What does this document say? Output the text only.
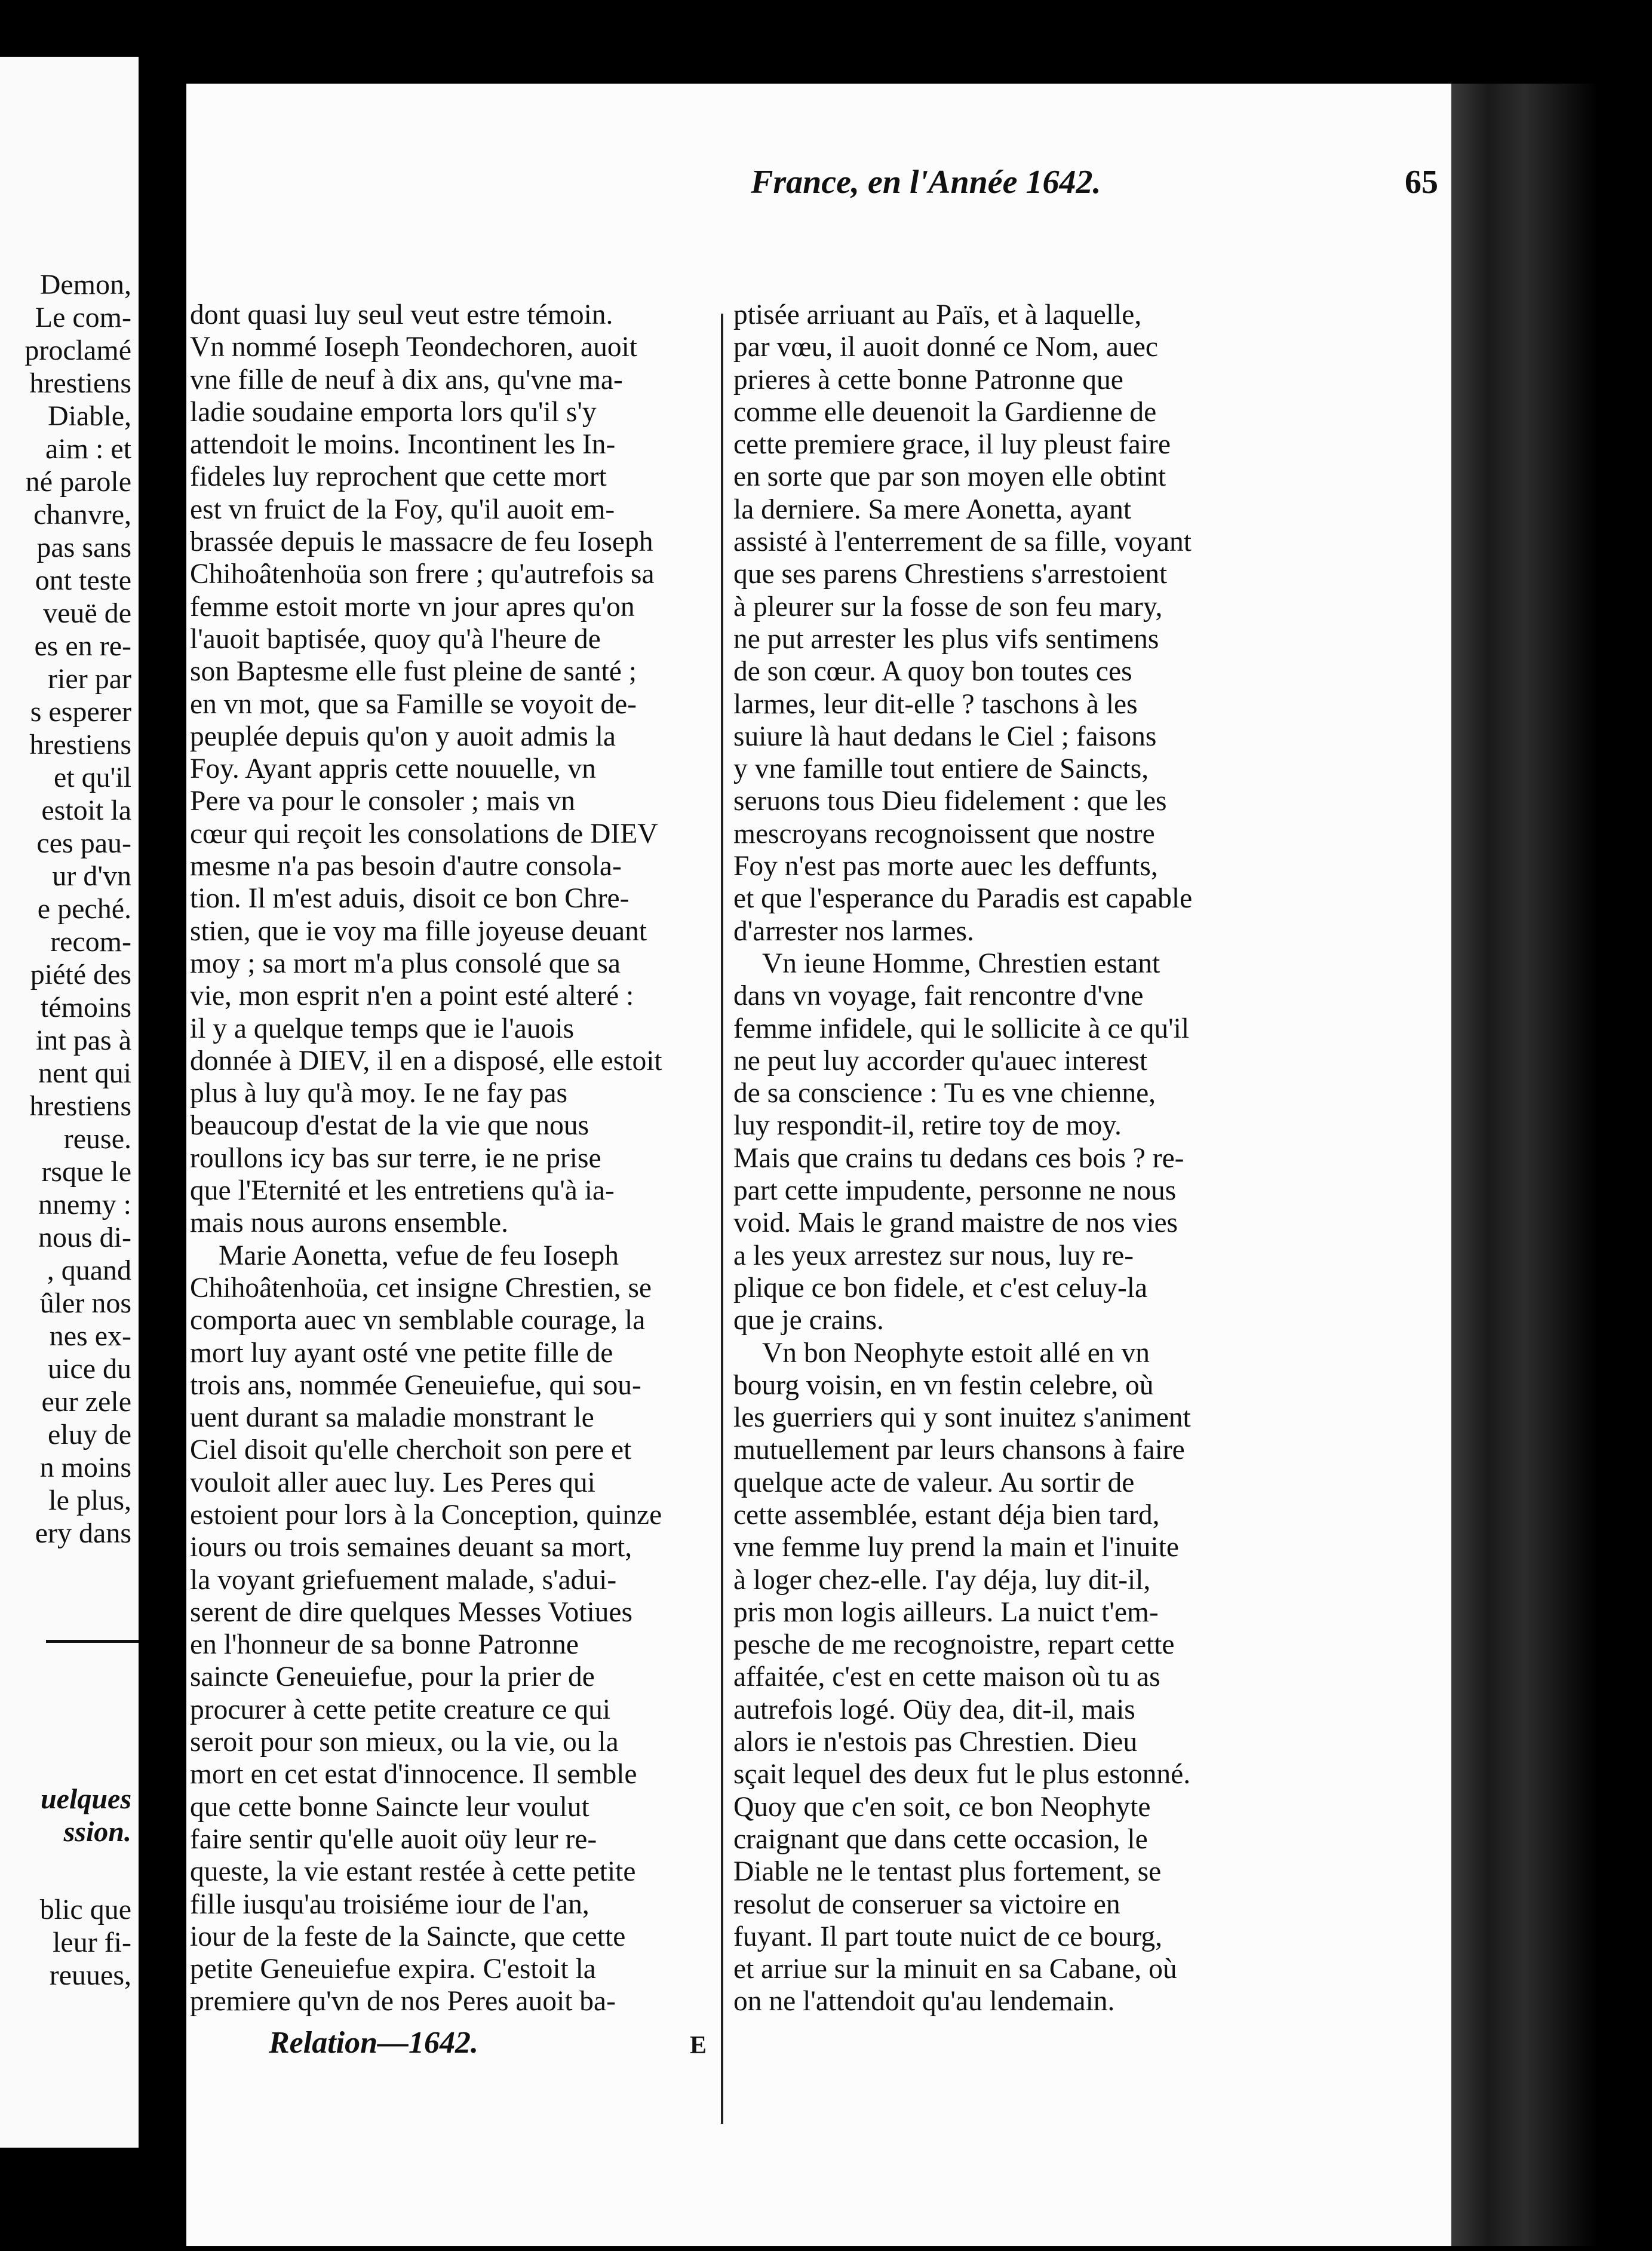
Demon,
Le com-
proclamé
hrestiens
Diable,
aim : et
né parole
chanvre,
pas sans
ont teste
veuë de
es en re-
rier par
s esperer
hrestiens
et qu'il
estoit la
ces pau-
ur d'vn
e peché.
recom-
piété des
témoins
int pas à
nent qui
hrestiens
reuse.
rsque le
nnemy :
nous di-
, quand
ûler nos
nes ex-
uice du
eur zele
eluy de
n moins
le plus,
ery dans
uelques
ssion.
blic que
leur fi-
reuues,
France, en l'Année 1642.	65

dont quasi luy seul veut estre témoin.
Vn nommé Ioseph Teondechoren, auoit
vne fille de neuf à dix ans, qu'vne ma-
ladie soudaine emporta lors qu'il s'y
attendoit le moins. Incontinent les In-
fideles luy reprochent que cette mort
est vn fruict de la Foy, qu'il auoit em-
brassée depuis le massacre de feu Ioseph
Chihoâtenhoüa son frere ; qu'autrefois sa
femme estoit morte vn jour apres qu'on
l'auoit baptisée, quoy qu'à l'heure de
son Baptesme elle fust pleine de santé ;
en vn mot, que sa Famille se voyoit de-
peuplée depuis qu'on y auoit admis la
Foy. Ayant appris cette nouuelle, vn
Pere va pour le consoler ; mais vn
cœur qui reçoit les consolations de DIEV
mesme n'a pas besoin d'autre consola-
tion. Il m'est aduis, disoit ce bon Chre-
stien, que ie voy ma fille joyeuse deuant
moy ; sa mort m'a plus consolé que sa
vie, mon esprit n'en a point esté alteré :
il y a quelque temps que ie l'auois
donnée à DIEV, il en a disposé, elle estoit
plus à luy qu'à moy. Ie ne fay pas
beaucoup d'estat de la vie que nous
roullons icy bas sur terre, ie ne prise
que l'Eternité et les entretiens qu'à ia-
mais nous aurons ensemble.

Marie Aonetta, vefue de feu Ioseph
Chihoâtenhoüa, cet insigne Chrestien, se
comporta auec vn semblable courage, la
mort luy ayant osté vne petite fille de
trois ans, nommée Geneuiefue, qui sou-
uent durant sa maladie monstrant le
Ciel disoit qu'elle cherchoit son pere et
vouloit aller auec luy. Les Peres qui
estoient pour lors à la Conception, quinze
iours ou trois semaines deuant sa mort,
la voyant griefuement malade, s'adui-
serent de dire quelques Messes Votiues
en l'honneur de sa bonne Patronne
saincte Geneuiefue, pour la prier de
procurer à cette petite creature ce qui
seroit pour son mieux, ou la vie, ou la
mort en cet estat d'innocence. Il semble
que cette bonne Saincte leur voulut
faire sentir qu'elle auoit oüy leur re-
queste, la vie estant restée à cette petite
fille iusqu'au troisiéme iour de l'an,
iour de la feste de la Saincte, que cette
petite Geneuiefue expira. C'estoit la
premiere qu'vn de nos Peres auoit ba-

ptisée arriuant au Païs, et à laquelle,
par vœu, il auoit donné ce Nom, auec
prieres à cette bonne Patronne que
comme elle deuenoit la Gardienne de
cette premiere grace, il luy pleust faire
en sorte que par son moyen elle obtint
la derniere. Sa mere Aonetta, ayant
assisté à l'enterrement de sa fille, voyant
que ses parens Chrestiens s'arrestoient
à pleurer sur la fosse de son feu mary,
ne put arrester les plus vifs sentimens
de son cœur. A quoy bon toutes ces
larmes, leur dit-elle ? taschons à les
suiure là haut dedans le Ciel ; faisons
y vne famille tout entiere de Saincts,
seruons tous Dieu fidelement : que les
mescroyans recognoissent que nostre
Foy n'est pas morte auec les deffunts,
et que l'esperance du Paradis est capable
d'arrester nos larmes.

Vn ieune Homme, Chrestien estant
dans vn voyage, fait rencontre d'vne
femme infidele, qui le sollicite à ce qu'il
ne peut luy accorder qu'auec interest
de sa conscience : Tu es vne chienne,
luy respondit-il, retire toy de moy.
Mais que crains tu dedans ces bois ? re-
part cette impudente, personne ne nous
void. Mais le grand maistre de nos vies
a les yeux arrestez sur nous, luy re-
plique ce bon fidele, et c'est celuy-la
que je crains.

Vn bon Neophyte estoit allé en vn
bourg voisin, en vn festin celebre, où
les guerriers qui y sont inuitez s'animent
mutuellement par leurs chansons à faire
quelque acte de valeur. Au sortir de
cette assemblée, estant déja bien tard,
vne femme luy prend la main et l'inuite
à loger chez-elle. I'ay déja, luy dit-il,
pris mon logis ailleurs. La nuict t'em-
pesche de me recognoistre, repart cette
affaitée, c'est en cette maison où tu as
autrefois logé. Oüy dea, dit-il, mais
alors ie n'estois pas Chrestien. Dieu
sçait lequel des deux fut le plus estonné.
Quoy que c'en soit, ce bon Neophyte
craignant que dans cette occasion, le
Diable ne le tentast plus fortement, se
resolut de conseruer sa victoire en
fuyant. Il part toute nuict de ce bourg,
et arriue sur la minuit en sa Cabane, où
on ne l'attendoit qu'au lendemain.

Relation—1642.	E
